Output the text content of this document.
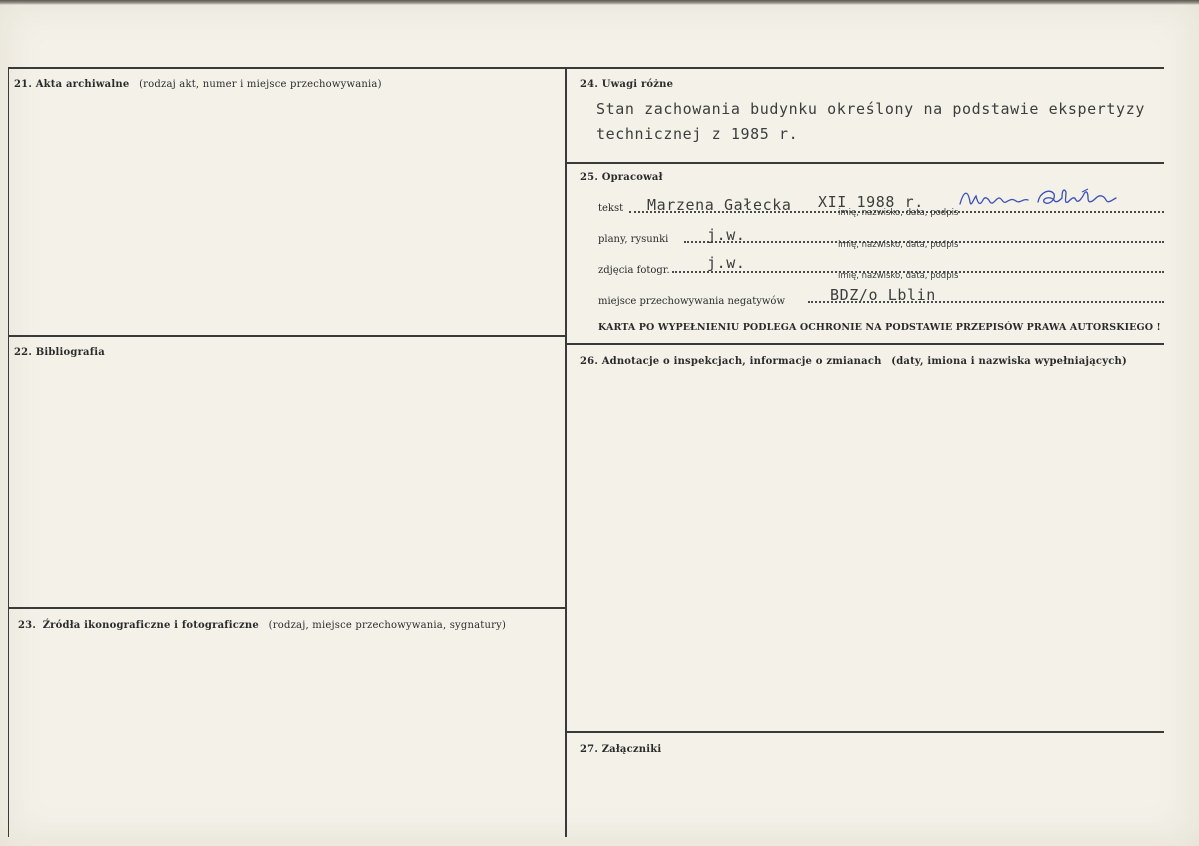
21. Akta archiwalne (rodzaj akt, numer i miejsce przechowywania)
22. Bibliografia
23. Źródła ikonograficzne i fotograficzne (rodzaj, miejsce przechowywania, sygnatury)
24. Uwagi różne
Stan zachowania budynku określony na podstawie ekspertyzy
technicznej z 1985 r.
25. Opracował
tekst Marzena Gałecka XII 1988 r.
imię, nazwisko, data, podpis
plany, rysunki	j.w.
imię, nazwisko, data, podpis
zdjęcia fotogr. j.w.
imię, nazwisko, data, podpis
miejsce przechowywania negatywów	BDZ/o Lblin
KARTA PO WYPEŁNIENIU PODLEGA OCHRONIE NA PODSTAWIE PRZEPISÓW PRAWA AUTORSKIEGO !
26. Adnotacje o inspekcjach, informacje o zmianach (daty, imiona i nazwiska wypełniających)
27. Załączniki
